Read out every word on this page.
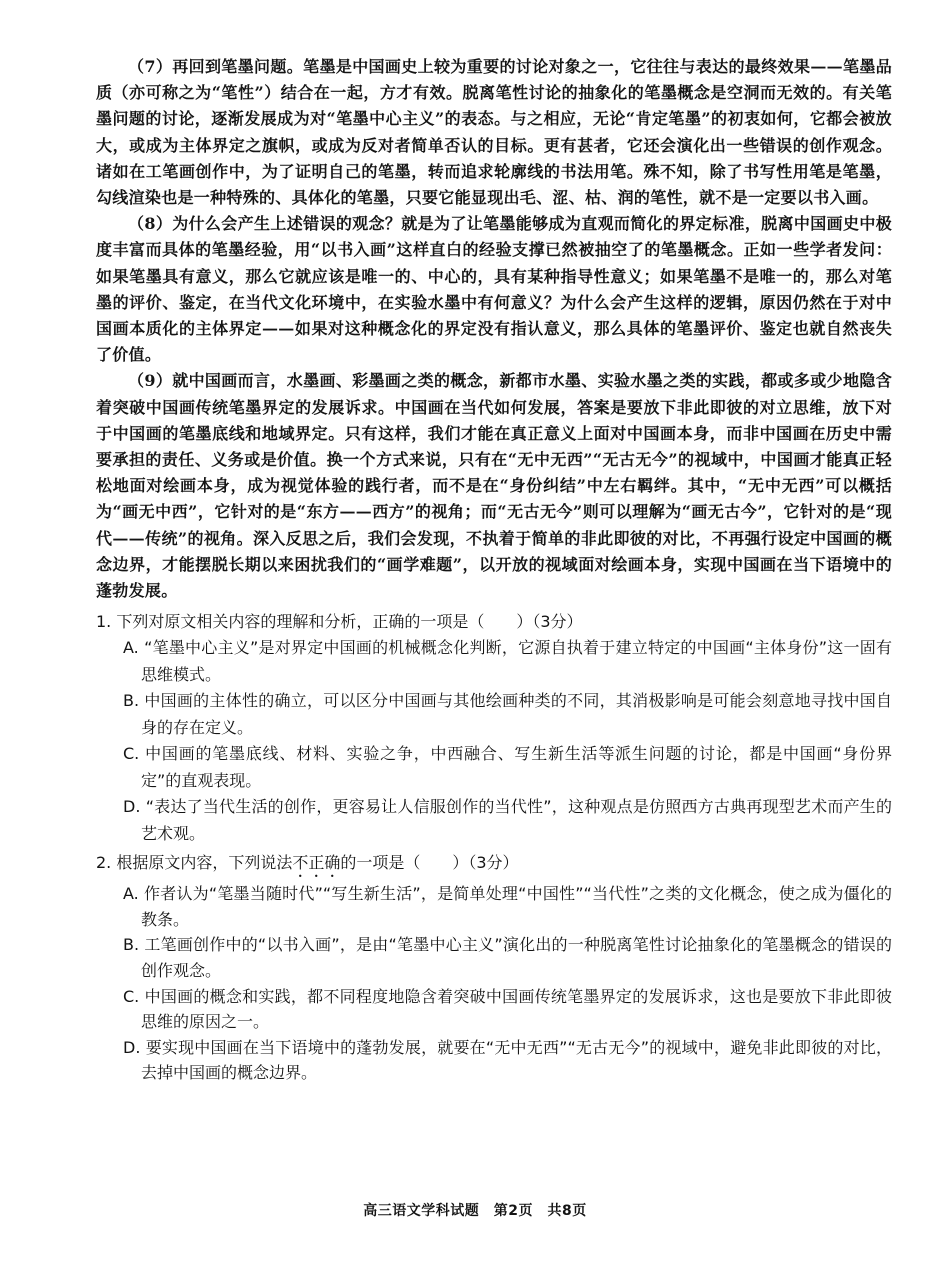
（7）再回到笔墨问题。笔墨是中国画史上较为重要的讨论对象之一，它往往与表达的最终效果——笔墨品质（亦可称之为“笔性”）结合在一起，方才有效。脱离笔性讨论的抽象化的笔墨概念是空洞而无效的。有关笔墨问题的讨论，逐渐发展成为对“笔墨中心主义”的表态。与之相应，无论“肯定笔墨”的初衷如何，它都会被放大，或成为主体界定之旗帜，或成为反对者简单否认的目标。更有甚者，它还会演化出一些错误的创作观念。诸如在工笔画创作中，为了证明自己的笔墨，转而追求轮廓线的书法用笔。殊不知，除了书写性用笔是笔墨，勾线渲染也是一种特殊的、具体化的笔墨，只要它能显现出毛、涩、枯、润的笔性，就不是一定要以书入画。

（8）为什么会产生上述错误的观念？就是为了让笔墨能够成为直观而简化的界定标准，脱离中国画史中极度丰富而具体的笔墨经验，用“以书入画”这样直白的经验支撑已然被抽空了的笔墨概念。正如一些学者发问：如果笔墨具有意义，那么它就应该是唯一的、中心的，具有某种指导性意义；如果笔墨不是唯一的，那么对笔墨的评价、鉴定，在当代文化环境中，在实验水墨中有何意义？为什么会产生这样的逻辑，原因仍然在于对中国画本质化的主体界定——如果对这种概念化的界定没有指认意义，那么具体的笔墨评价、鉴定也就自然丧失了价值。

（9）就中国画而言，水墨画、彩墨画之类的概念，新都市水墨、实验水墨之类的实践，都或多或少地隐含着突破中国画传统笔墨界定的发展诉求。中国画在当代如何发展，答案是要放下非此即彼的对立思维，放下对于中国画的笔墨底线和地域界定。只有这样，我们才能在真正意义上面对中国画本身，而非中国画在历史中需要承担的责任、义务或是价值。换一个方式来说，只有在“无中无西”“无古无今”的视域中，中国画才能真正轻松地面对绘画本身，成为视觉体验的践行者，而不是在“身份纠结”中左右羁绊。其中，“无中无西”可以概括为“画无中西”，它针对的是“东方——西方”的视角；而“无古无今”则可以理解为“画无古今”，它针对的是“现代——传统”的视角。深入反思之后，我们会发现，不执着于简单的非此即彼的对比，不再强行设定中国画的概念边界，才能摆脱长期以来困扰我们的“画学难题”，以开放的视域面对绘画本身，实现中国画在当下语境中的蓬勃发展。

1. 下列对原文相关内容的理解和分析，正确的一项是（　　）（3分）

A. “笔墨中心主义”是对界定中国画的机械概念化判断，它源自执着于建立特定的中国画“主体身份”这一固有思维模式。

B. 中国画的主体性的确立，可以区分中国画与其他绘画种类的不同，其消极影响是可能会刻意地寻找中国自身的存在定义。

C. 中国画的笔墨底线、材料、实验之争，中西融合、写生新生活等派生问题的讨论，都是中国画“身份界定”的直观表现。

D. “表达了当代生活的创作，更容易让人信服创作的当代性”，这种观点是仿照西方古典再现型艺术而产生的艺术观。

2. 根据原文内容，下列说法不正确的一项是（　　）（3分）

A. 作者认为“笔墨当随时代”“写生新生活”，是简单处理“中国性”“当代性”之类的文化概念，使之成为僵化的教条。

B. 工笔画创作中的“以书入画”，是由“笔墨中心主义”演化出的一种脱离笔性讨论抽象化的笔墨概念的错误的创作观念。

C. 中国画的概念和实践，都不同程度地隐含着突破中国画传统笔墨界定的发展诉求，这也是要放下非此即彼思维的原因之一。

D. 要实现中国画在当下语境中的蓬勃发展，就要在“无中无西”“无古无今”的视域中，避免非此即彼的对比，去掉中国画的概念边界。

高三语文学科试题　第2页　共8页
